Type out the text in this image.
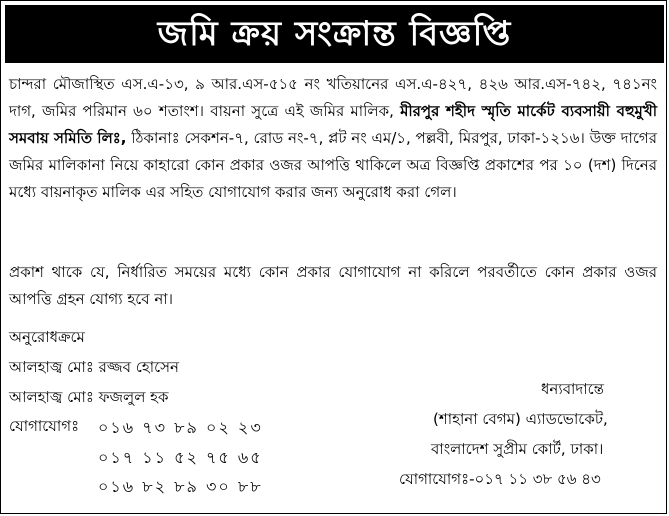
জমি ক্রয় সংক্রান্ত বিজ্ঞপ্তি

চান্দরা মৌজাস্থিত এস.এ-১৩, ৯ আর.এস-৫১৫ নং খতিয়ানের এস.এ-৪২৭, ৪২৬ আর.এস-৭৪২, ৭৪১নং দাগ, জমির পরিমান ৬০ শতাংশ। বায়না সুত্রে এই জমির মালিক, মীরপুর শহীদ স্মৃতি মার্কেট ব্যবসায়ী বহুমুখী সমবায় সমিতি লিঃ, ঠিকানাঃ সেকশন-৭, রোড নং-৭, প্লট নং এম/১, পল্লবী, মিরপুর, ঢাকা-১২১৬। উক্ত দাগের জমির মালিকানা নিয়ে কাহারো কোন প্রকার ওজর আপত্তি থাকিলে অত্র বিজ্ঞপ্তি প্রকাশের পর ১০ (দশ) দিনের মধ্যে বায়নাকৃত মালিক এর সহিত যোগাযোগ করার জন্য অনুরোধ করা গেল।

প্রকাশ থাকে যে, নির্ধারিত সময়ের মধ্যে কোন প্রকার যোগাযোগ না করিলে পরবর্তীতে কোন প্রকার ওজর আপত্তি গ্রহন যোগ্য হবে না।

অনুরোধক্রমে
আলহাজ্ব মোঃ রজ্জব হোসেন
আলহাজ্ব মোঃ ফজলুল হক
যোগাযোগঃ ০১৬ ৭৩ ৮৯ ০২ ২৩
০১৭ ১১ ৫২ ৭৫ ৬৫
০১৬ ৮২ ৮৯ ৩০ ৮৮
ধন্যবাদান্তে
(শাহানা বেগম) এ্যাডভোকেট,
বাংলাদেশ সুপ্রীম কোর্ট, ঢাকা।
যোগাযোগঃ-০১৭ ১১ ৩৮ ৫৬ ৪৩
